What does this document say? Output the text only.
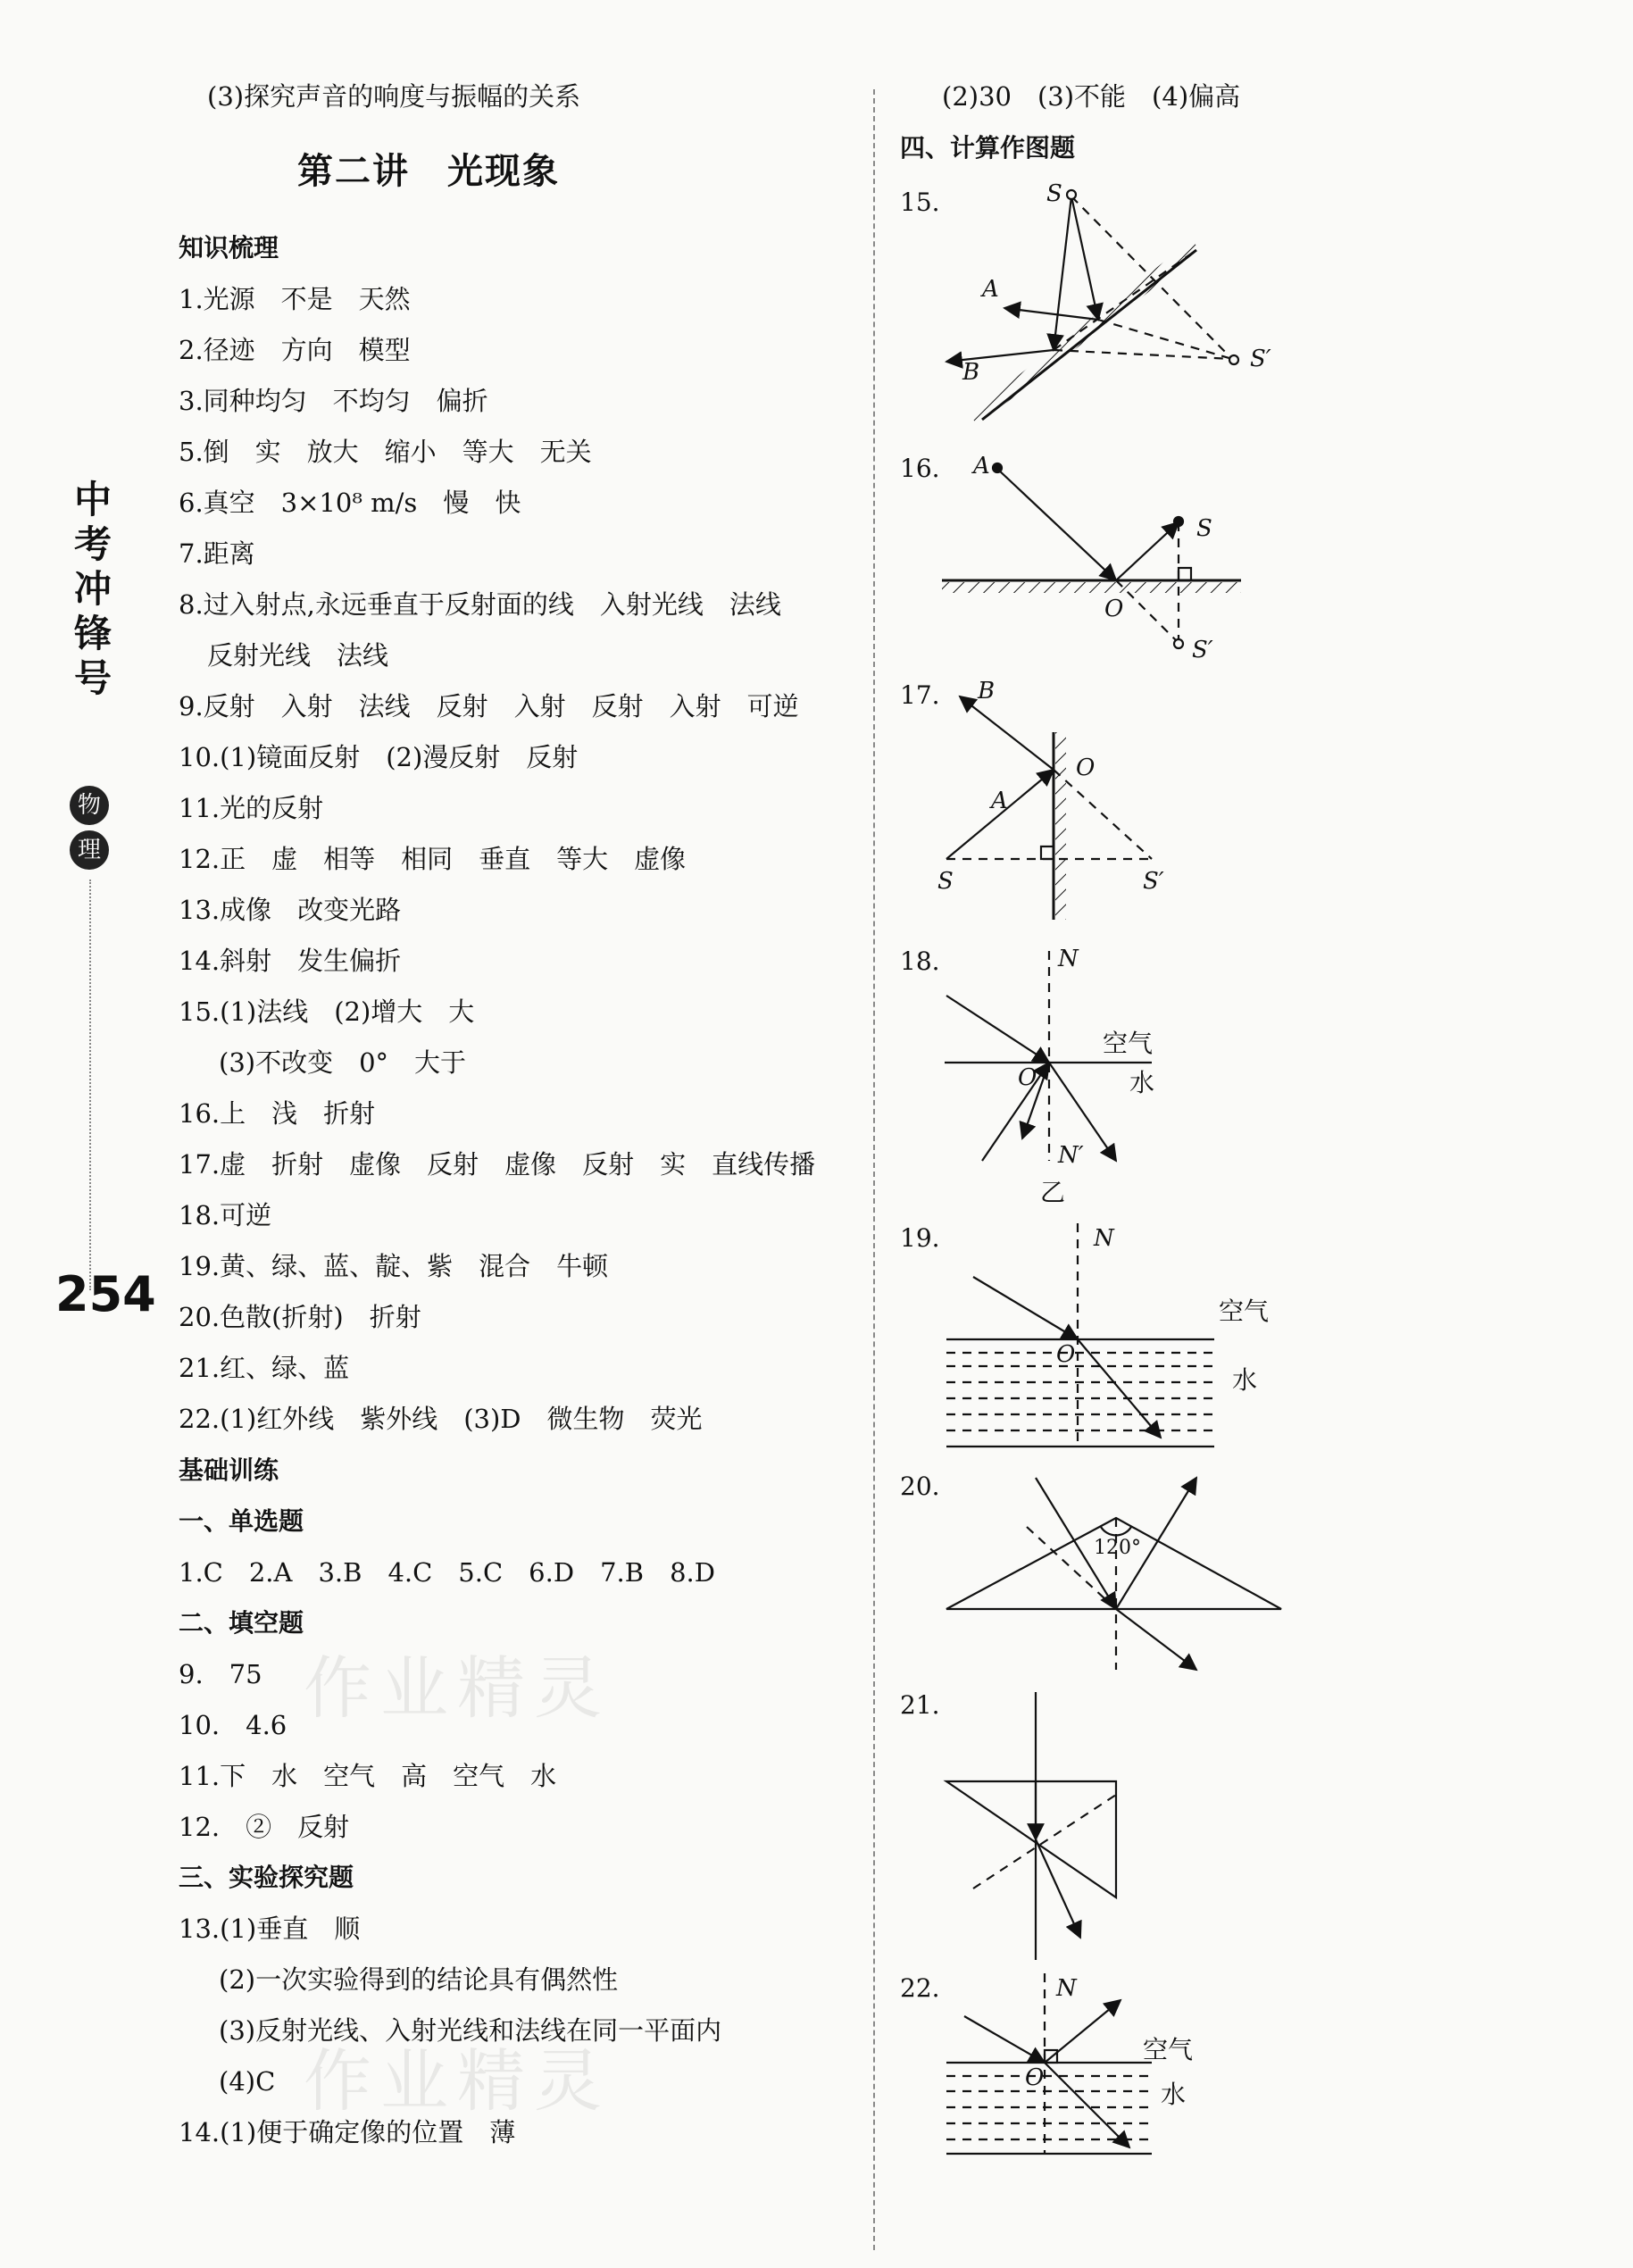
作业精灵
作业精灵
中
考
冲
锋
号
物
理
254
(3)探究声音的响度与振幅的关系
第二讲　光现象
知识梳理
1.光源　不是　天然
2.径迹　方向　模型
3.同种均匀　不均匀　偏折
5.倒　实　放大　缩小　等大　无关
6.真空　3×10⁸ m/s　慢　快
7.距离
8.过入射点,永远垂直于反射面的线　入射光线　法线
反射光线　法线
9.反射　入射　法线　反射　入射　反射　入射　可逆
10.(1)镜面反射　(2)漫反射　反射
11.光的反射
12.正　虚　相等　相同　垂直　等大　虚像
13.成像　改变光路
14.斜射　发生偏折
15.(1)法线　(2)增大　大
(3)不改变　0°　大于
16.上　浅　折射
17.虚　折射　虚像　反射　虚像　反射　实　直线传播
18.可逆
19.黄、绿、蓝、靛、紫　混合　牛顿
20.色散(折射)　折射
21.红、绿、蓝
22.(1)红外线　紫外线　(3)D　微生物　荧光
基础训练
一、单选题
1.C　2.A　3.B　4.C　5.C　6.D　7.B　8.D
二、填空题
9.　75
10.　4.6
11.下　水　空气　高　空气　水
12.　②　反射
三、实验探究题
13.(1)垂直　顺
(2)一次实验得到的结论具有偶然性
(3)反射光线、入射光线和法线在同一平面内
(4)C
14.(1)便于确定像的位置　薄
(2)30　(3)不能　(4)偏高
四、计算作图题
15.
16.
17.
18.
19.
20.
21.
22.
S
S′
A
B
A
S
S′
O
B
A
O
S	S′
N
空气
水
O
N′
乙
N
空气
水
O
120°
N
空气
水
O
